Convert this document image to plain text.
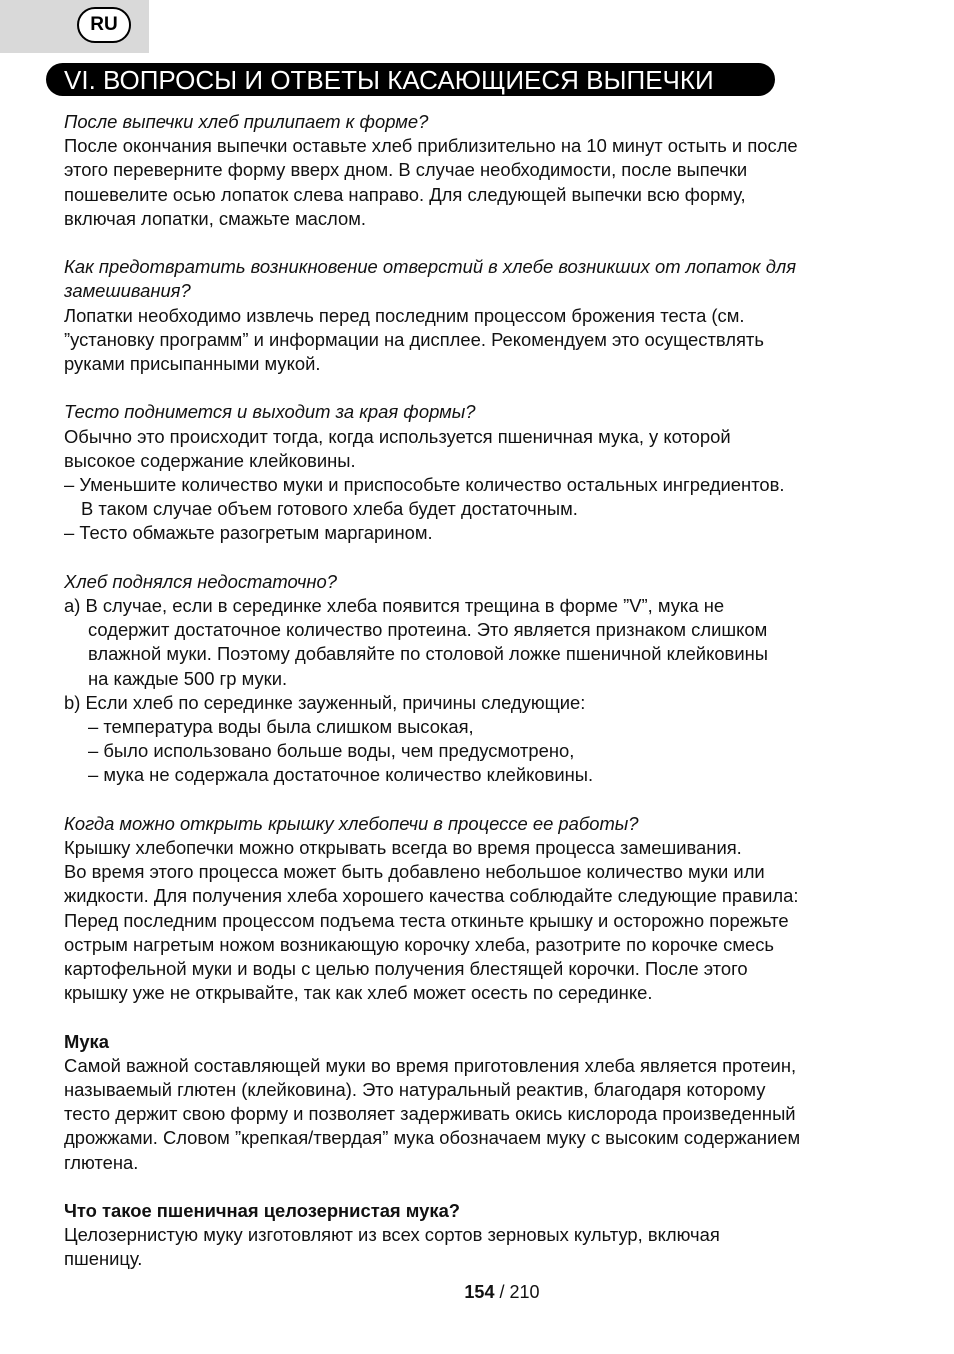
RU
VI. ВОПРОСЫ И ОТВЕТЫ КАСАЮЩИЕСЯ ВЫПЕЧКИ
После выпечки хлеб прилипает к форме?
После окончания выпечки оставьте хлеб приблизительно на 10 минут остыть и после
этого переверните форму вверх дном. В случае необходимости, после выпечки
пошевелите осью лопаток слева направо. Для следующей выпечки всю форму,
включая лопатки, смажьте маслом.
Как предотвратить возникновение отверстий в хлебе возникших от лопаток для
замешивания?
Лопатки необходимо извлечь перед последним процессом брожения теста (см.
”установку программ” и информации на дисплее. Рекомендуем это осуществлять
руками присыпанными мукой.
Тесто поднимется и выходит за края формы?
Обычно это происходит тогда, когда используется пшеничная мука, у которой
высокое содержание клейковины.
– Уменьшите количество муки и приспособьте количество остальных ингредиентов.
В таком случае объем готового хлеба будет достаточным.
– Тесто обмажьте разогретым маргарином.
Хлеб поднялся недостаточно?
a) В случае, если в серединке хлеба появится трещина в форме ”V”, мука не
содержит достаточное количество протеина. Это является признаком слишком
влажной муки. Поэтому добавляйте по столовой ложке пшеничной клейковины
на каждые 500 гр муки.
b) Если хлеб по серединке зауженный, причины следующие:
– температура воды была слишком высокая,
– было использовано больше воды, чем предусмотрено,
– мука не содержала достаточное количество клейковины.
Когда можно открыть крышку хлебопечи в процессе ее работы?
Крышку хлебопечки можно открывать всегда во время процесса замешивания.
Во время этого процесса может быть добавлено небольшое количество муки или
жидкости. Для получения хлеба хорошего качества соблюдайте следующие правила:
Перед последним процессом подъема теста откиньте крышку и осторожно порежьте
острым нагретым ножом возникающую корочку хлеба, разотрите по корочке смесь
картофельной муки и воды с целью получения блестящей корочки. После этого
крышку уже не открывайте, так как хлеб может осесть по серединке.
Мука
Самой важной составляющей муки во время приготовления хлеба является протеин,
называемый глютен (клейковина). Это натуральный реактив, благодаря которому
тесто держит свою форму и позволяет задерживать окись кислорода произведенный
дрожжами. Словом ”крепкая/твердая” мука обозначаем муку с высоким содержанием
глютена.
Что такое пшеничная целозернистая мука?
Целозернистую муку изготовляют из всех сортов зерновых культур, включая
пшеницу.
154 / 210
